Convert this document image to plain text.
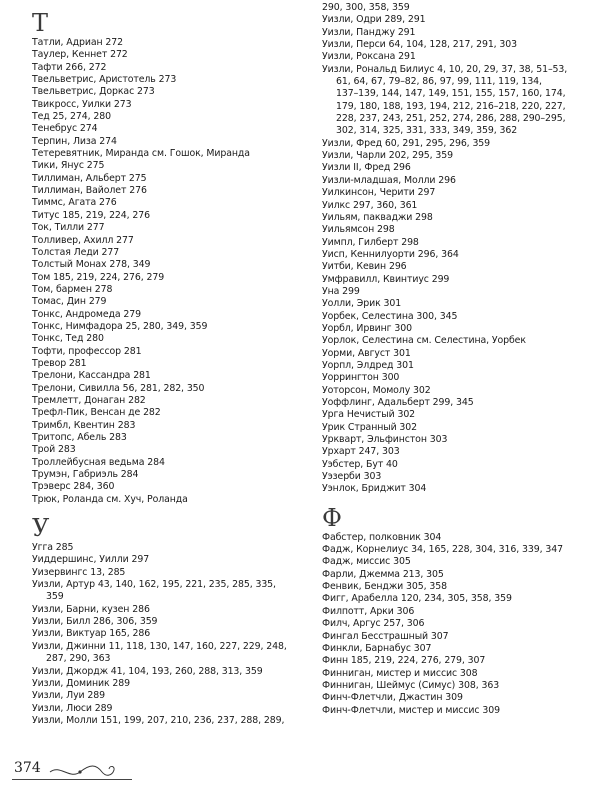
Т
Татли, Адриан 272
Таулер, Кеннет 272
Тафти 266, 272
Твельветрис, Аристотель 273
Твельветрис, Доркас 273
Твикросс, Уилки 273
Тед 25, 274, 280
Тенебрус 274
Терпин, Лиза 274
Тетеревятник, Миранда см. Гошок, Миранда
Тики, Янус 275
Тиллиман, Альберт 275
Тиллиман, Вайолет 276
Тиммс, Агата 276
Титус 185, 219, 224, 276
Ток, Тилли 277
Толливер, Ахилл 277
Толстая Леди 277
Толстый Монах 278, 349
Том 185, 219, 224, 276, 279
Том, бармен 278
Томас, Дин 279
Тонкс, Андромеда 279
Тонкс, Нимфадора 25, 280, 349, 359
Тонкс, Тед 280
Тофти, профессор 281
Тревор 281
Трелони, Кассандра 281
Трелони, Сивилла 56, 281, 282, 350
Тремлетт, Донаган 282
Трефл-Пик, Венсан де 282
Тримбл, Квентин 283
Тритопс, Абель 283
Трой 283
Троллейбусная ведьма 284
Трумэн, Габриэль 284
Трэверс 284, 360
Трюк, Роланда см. Хуч, Роланда
У
Угга 285
Уиддершинс, Уилли 297
Уизервингс 13, 285
Уизли, Артур 43, 140, 162, 195, 221, 235, 285, 335,
359
Уизли, Барни, кузен 286
Уизли, Билл 286, 306, 359
Уизли, Виктуар 165, 286
Уизли, Джинни 11, 118, 130, 147, 160, 227, 229, 248,
287, 290, 363
Уизли, Джордж 41, 104, 193, 260, 288, 313, 359
Уизли, Доминик 289
Уизли, Луи 289
Уизли, Люси 289
Уизли, Молли 151, 199, 207, 210, 236, 237, 288, 289,
290, 300, 358, 359
Уизли, Одри 289, 291
Уизли, Панджу 291
Уизли, Перси 64, 104, 128, 217, 291, 303
Уизли, Роксана 291
Уизли, Рональд Билиус 4, 10, 20, 29, 37, 38, 51–53,
61, 64, 67, 79–82, 86, 97, 99, 111, 119, 134,
137–139, 144, 147, 149, 151, 155, 157, 160, 174,
179, 180, 188, 193, 194, 212, 216–218, 220, 227,
228, 237, 243, 251, 252, 274, 286, 288, 290–295,
302, 314, 325, 331, 333, 349, 359, 362
Уизли, Фред 60, 291, 295, 296, 359
Уизли, Чарли 202, 295, 359
Уизли II, Фред 296
Уизли-младшая, Молли 296
Уилкинсон, Черити 297
Уилкс 297, 360, 361
Уильям, пакваджи 298
Уильямсон 298
Уимпл, Гилберт 298
Уисп, Кеннилуорти 296, 364
Уитби, Кевин 296
Умфравилл, Квинтиус 299
Уна 299
Уолли, Эрик 301
Уорбек, Селестина 300, 345
Уорбл, Ирвинг 300
Уорлок, Селестина см. Селестина, Уорбек
Уорми, Август 301
Уорпл, Элдред 301
Уоррингтон 300
Уоторсон, Момолу 302
Уоффлинг, Адальберт 299, 345
Урга Нечистый 302
Урик Странный 302
Уркварт, Эльфинстон 303
Урхарт 247, 303
Уэбстер, Бут 40
Уэзерби 303
Уэнлок, Бриджит 304
Ф
Фабстер, полковник 304
Фадж, Корнелиус 34, 165, 228, 304, 316, 339, 347
Фадж, миссис 305
Фарли, Джемма 213, 305
Фенвик, Бенджи 305, 358
Фигг, Арабелла 120, 234, 305, 358, 359
Филпотт, Арки 306
Филч, Аргус 257, 306
Фингал Бесстрашный 307
Финкли, Барнабус 307
Финн 185, 219, 224, 276, 279, 307
Финниган, мистер и миссис 308
Финниган, Шеймус (Симус) 308, 363
Финч-Флетчли, Джастин 309
Финч-Флетчли, мистер и миссис 309
374
